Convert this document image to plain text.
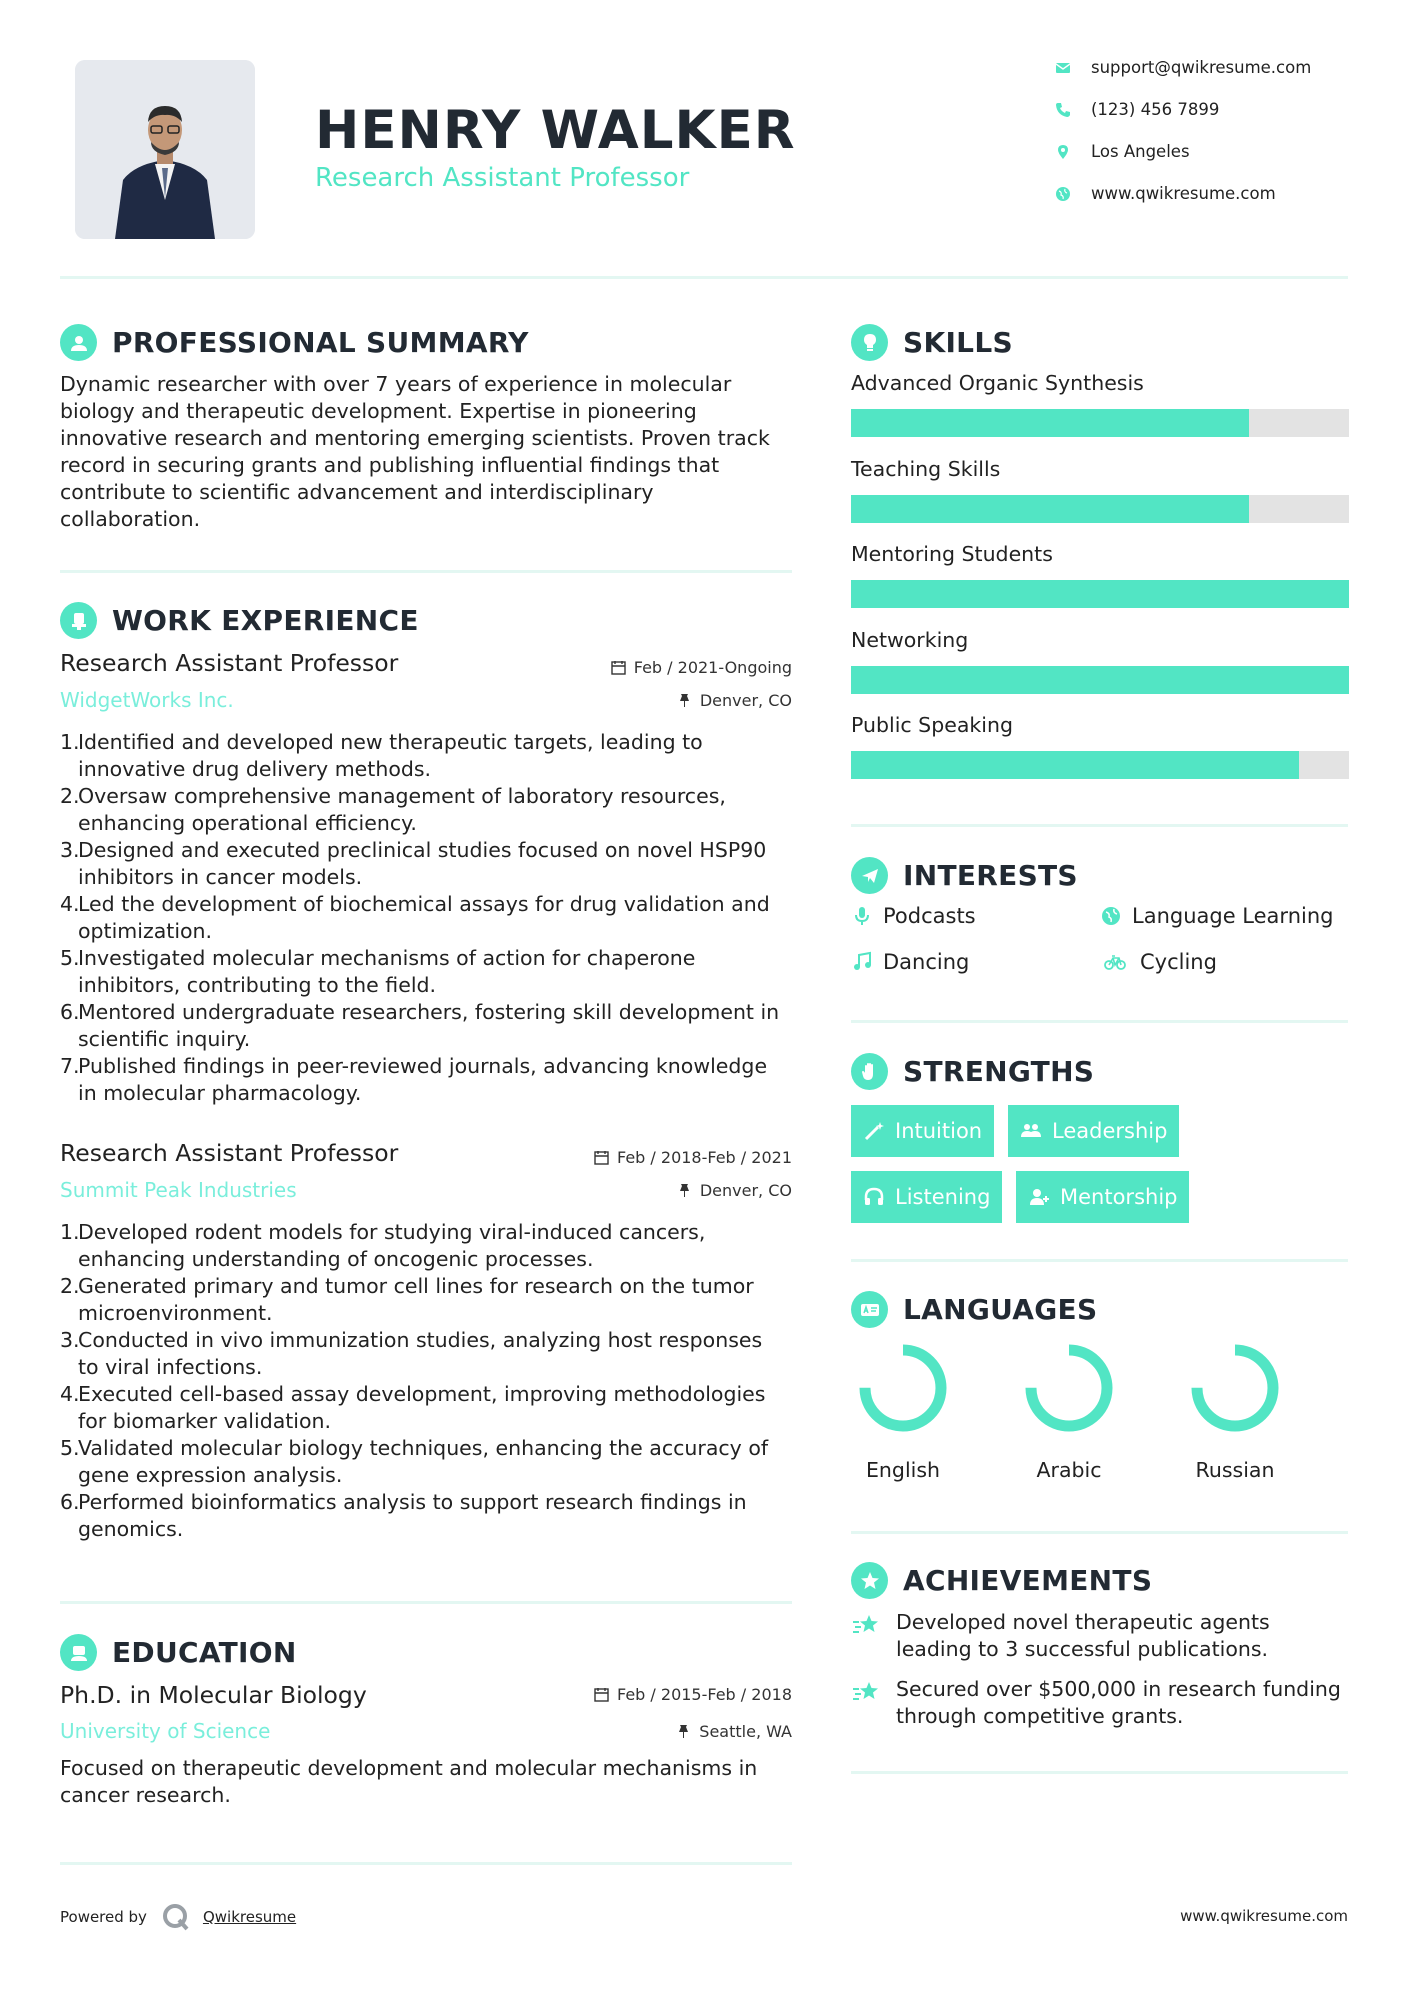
HENRY WALKER
Research Assistant Professor
support@qwikresume.com
(123) 456 7899
Los Angeles
www.qwikresume.com
PROFESSIONAL SUMMARY
Dynamic researcher with over 7 years of experience in molecular
biology and therapeutic development. Expertise in pioneering
innovative research and mentoring emerging scientists. Proven track
record in securing grants and publishing influential findings that
contribute to scientific advancement and interdisciplinary
collaboration.
WORK EXPERIENCE
Research Assistant Professor	Feb / 2021-Ongoing
WidgetWorks Inc.	Denver, CO
1.
Identified and developed new therapeutic targets, leading to
innovative drug delivery methods.
2.
Oversaw comprehensive management of laboratory resources,
enhancing operational efficiency.
3.
Designed and executed preclinical studies focused on novel HSP90
inhibitors in cancer models.
4.
Led the development of biochemical assays for drug validation and
optimization.
5.
Investigated molecular mechanisms of action for chaperone
inhibitors, contributing to the field.
6.
Mentored undergraduate researchers, fostering skill development in
scientific inquiry.
7.
Published findings in peer-reviewed journals, advancing knowledge
in molecular pharmacology.
Research Assistant Professor	Feb / 2018-Feb / 2021
Summit Peak Industries	Denver, CO
1.
Developed rodent models for studying viral-induced cancers,
enhancing understanding of oncogenic processes.
2.
Generated primary and tumor cell lines for research on the tumor
microenvironment.
3.
Conducted in vivo immunization studies, analyzing host responses
to viral infections.
4.
Executed cell-based assay development, improving methodologies
for biomarker validation.
5.
Validated molecular biology techniques, enhancing the accuracy of
gene expression analysis.
6.
Performed bioinformatics analysis to support research findings in
genomics.
EDUCATION
Ph.D. in Molecular Biology	Feb / 2015-Feb / 2018
University of Science	Seattle, WA
Focused on therapeutic development and molecular mechanisms in
cancer research.
SKILLS
Advanced Organic Synthesis
Teaching Skills
Mentoring Students
Networking
Public Speaking
INTERESTS
Podcasts	Language Learning
Dancing	Cycling
STRENGTHS
Intuition	Leadership
Listening	Mentorship
LANGUAGES
English	Arabic	Russian
ACHIEVEMENTS
Developed novel therapeutic agents
leading to 3 successful publications.
Secured over $500,000 in research funding
through competitive grants.
Powered by	Qwikresume	www.qwikresume.com
